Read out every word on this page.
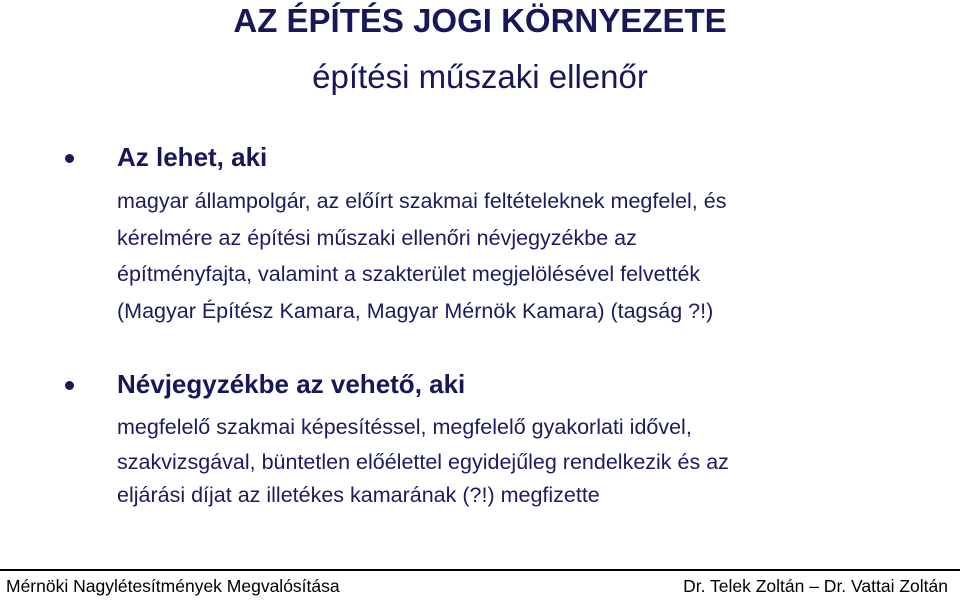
AZ ÉPÍTÉS JOGI KÖRNYEZETE
építési műszaki ellenőr
Az lehet, aki
magyar állampolgár, az előírt szakmai feltételeknek megfelel, és
kérelmére az építési műszaki ellenőri névjegyzékbe az
építményfajta, valamint a szakterület megjelölésével felvették
(Magyar Építész Kamara, Magyar Mérnök Kamara) (tagság ?!)
Névjegyzékbe az vehető, aki
megfelelő szakmai képesítéssel, megfelelő gyakorlati idővel,
szakvizsgával, büntetlen előélettel egyidejűleg rendelkezik és az
eljárási díjat az illetékes kamarának (?!) megfizette
Mérnöki Nagylétesítmények Megvalósítása	Dr. Telek Zoltán – Dr. Vattai Zoltán
